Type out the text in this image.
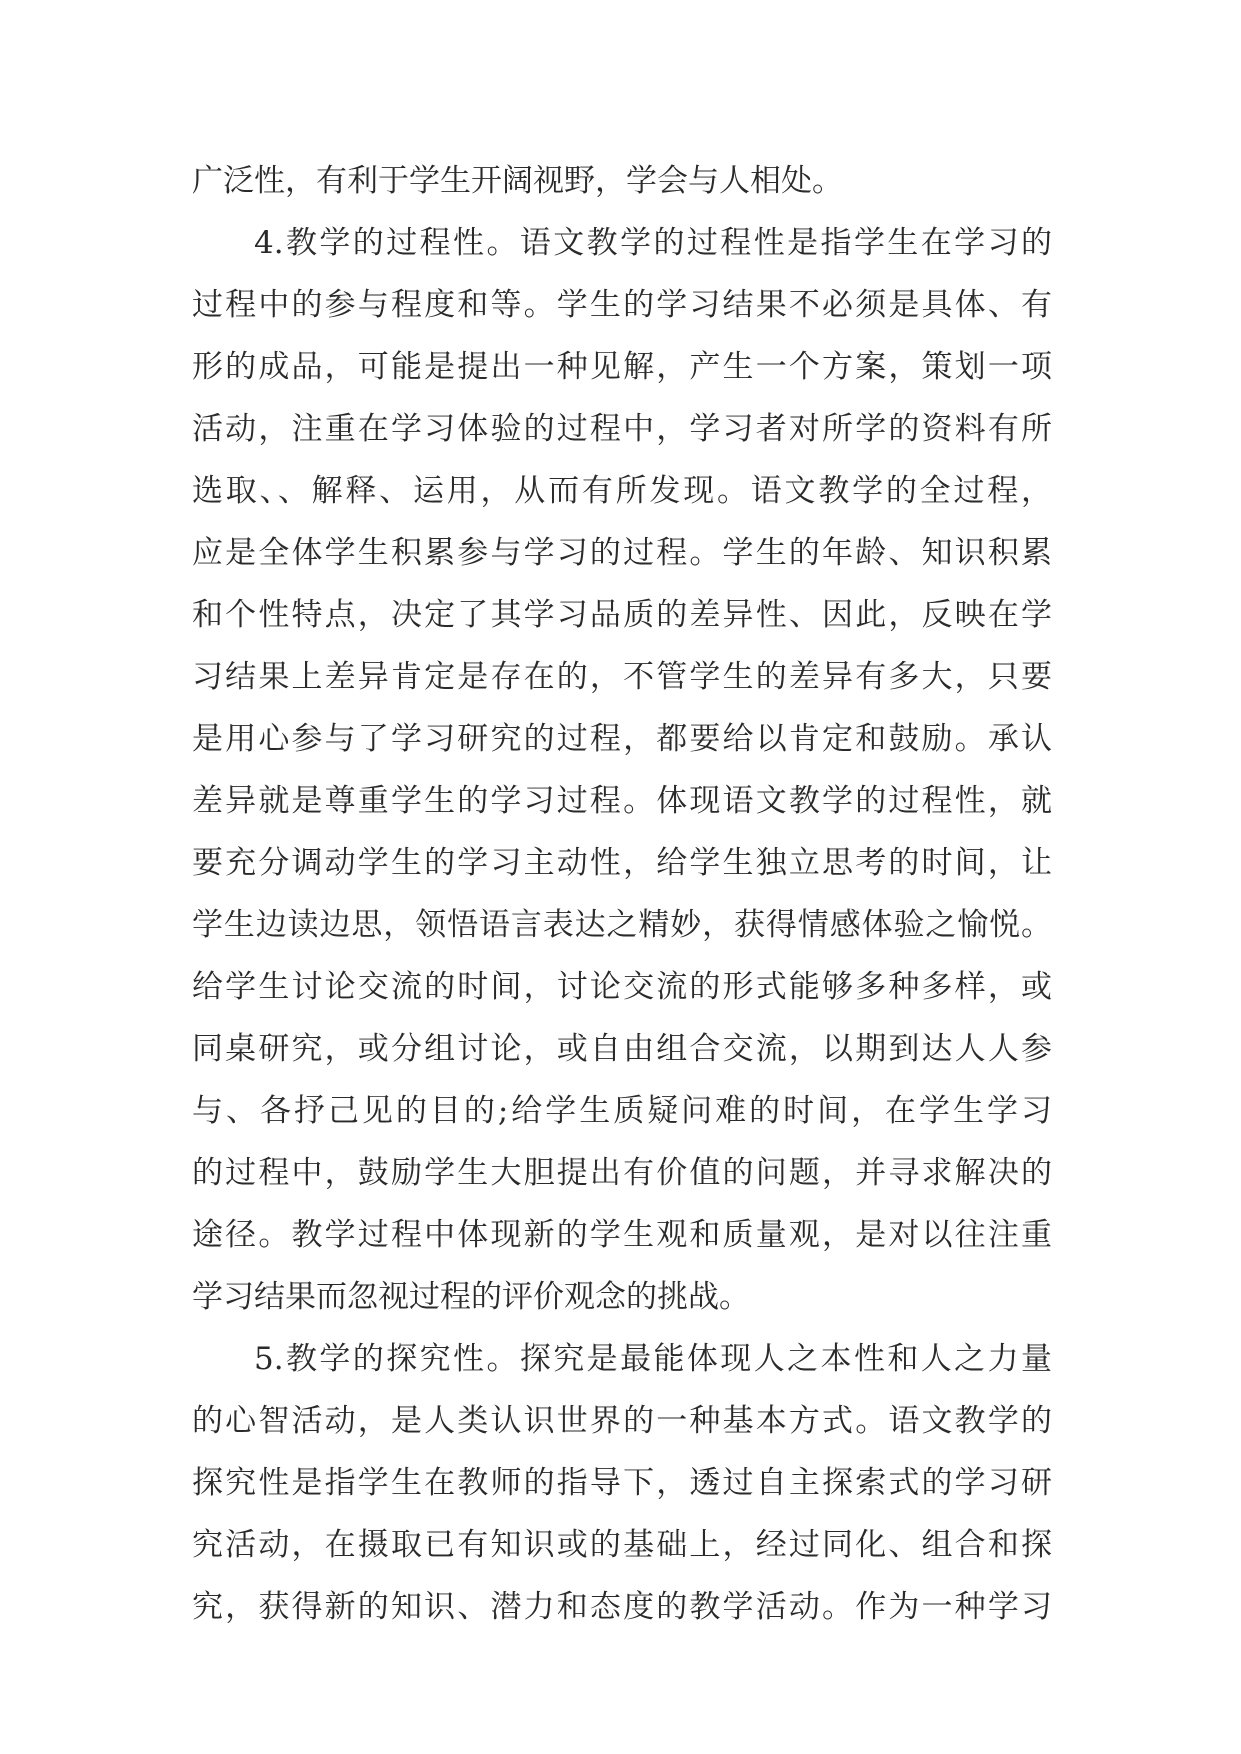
广泛性，有利于学生开阔视野，学会与人相处。
4.教学的过程性。语文教学的过程性是指学生在学习的
过程中的参与程度和等。学生的学习结果不必须是具体、有
形的成品，可能是提出一种见解，产生一个方案，策划一项
活动，注重在学习体验的过程中，学习者对所学的资料有所
选取、、解释、运用，从而有所发现。语文教学的全过程，
应是全体学生积累参与学习的过程。学生的年龄、知识积累
和个性特点，决定了其学习品质的差异性、因此，反映在学
习结果上差异肯定是存在的，不管学生的差异有多大，只要
是用心参与了学习研究的过程，都要给以肯定和鼓励。承认
差异就是尊重学生的学习过程。体现语文教学的过程性，就
要充分调动学生的学习主动性，给学生独立思考的时间，让
学生边读边思，领悟语言表达之精妙，获得情感体验之愉悦。
给学生讨论交流的时间，讨论交流的形式能够多种多样，或
同桌研究，或分组讨论，或自由组合交流，以期到达人人参
与、各抒己见的目的;给学生质疑问难的时间，在学生学习
的过程中，鼓励学生大胆提出有价值的问题，并寻求解决的
途径。教学过程中体现新的学生观和质量观，是对以往注重
学习结果而忽视过程的评价观念的挑战。
5.教学的探究性。探究是最能体现人之本性和人之力量
的心智活动，是人类认识世界的一种基本方式。语文教学的
探究性是指学生在教师的指导下，透过自主探索式的学习研
究活动，在摄取已有知识或的基础上，经过同化、组合和探
究，获得新的知识、潜力和态度的教学活动。作为一种学习
